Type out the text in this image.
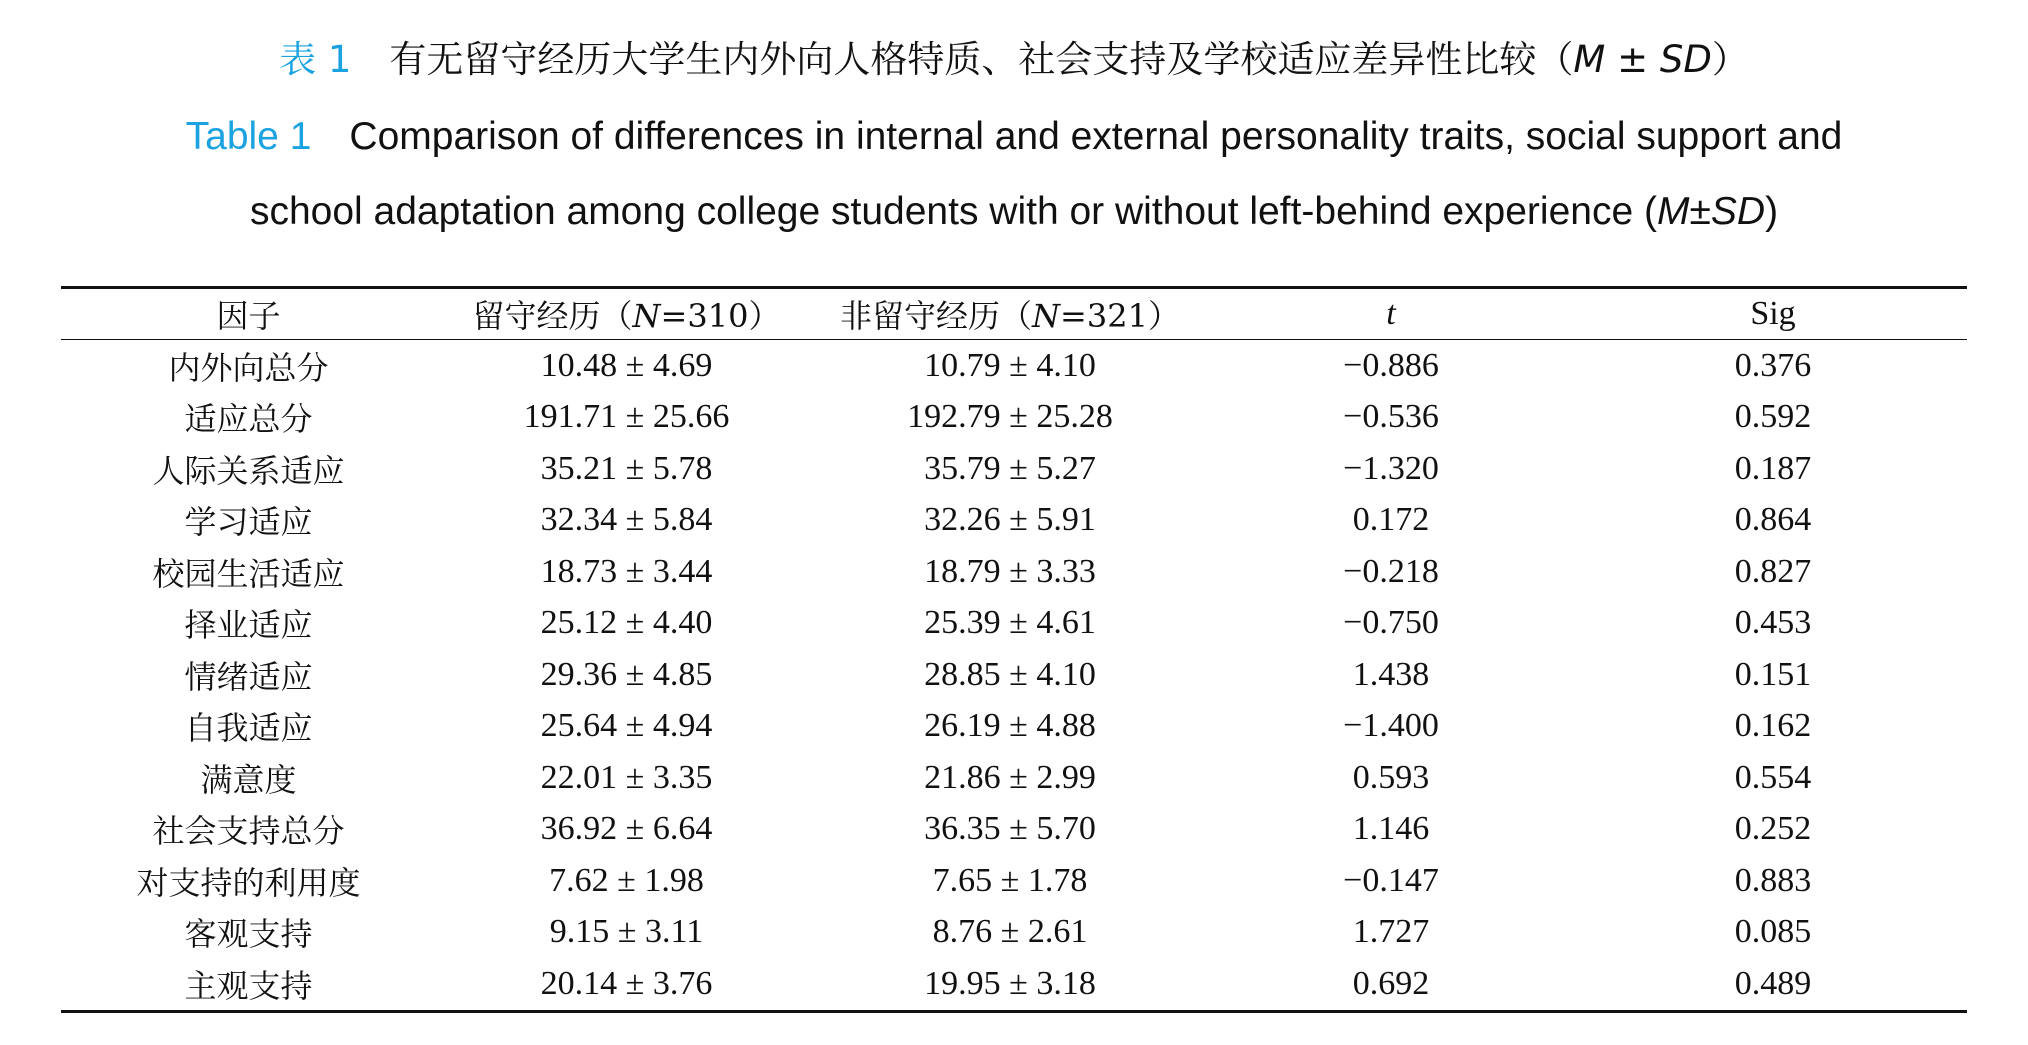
表 1 有无留守经历大学生内外向人格特质、社会支持及学校适应差异性比较（M ± SD）
Table 1 Comparison of differences in internal and external personality traits, social support and
school adaptation among college students with or without left-behind experience (M±SD)
因子	留守经历（N=310）	非留守经历（N=321）	t	Sig
内外向总分	10.48 ± 4.69	10.79 ± 4.10	−0.886	0.376
适应总分	191.71 ± 25.66	192.79 ± 25.28	−0.536	0.592
人际关系适应	35.21 ± 5.78	35.79 ± 5.27	−1.320	0.187
学习适应	32.34 ± 5.84	32.26 ± 5.91	0.172	0.864
校园生活适应	18.73 ± 3.44	18.79 ± 3.33	−0.218	0.827
择业适应	25.12 ± 4.40	25.39 ± 4.61	−0.750	0.453
情绪适应	29.36 ± 4.85	28.85 ± 4.10	1.438	0.151
自我适应	25.64 ± 4.94	26.19 ± 4.88	−1.400	0.162
满意度	22.01 ± 3.35	21.86 ± 2.99	0.593	0.554
社会支持总分	36.92 ± 6.64	36.35 ± 5.70	1.146	0.252
对支持的利用度	7.62 ± 1.98	7.65 ± 1.78	−0.147	0.883
客观支持	9.15 ± 3.11	8.76 ± 2.61	1.727	0.085
主观支持	20.14 ± 3.76	19.95 ± 3.18	0.692	0.489
